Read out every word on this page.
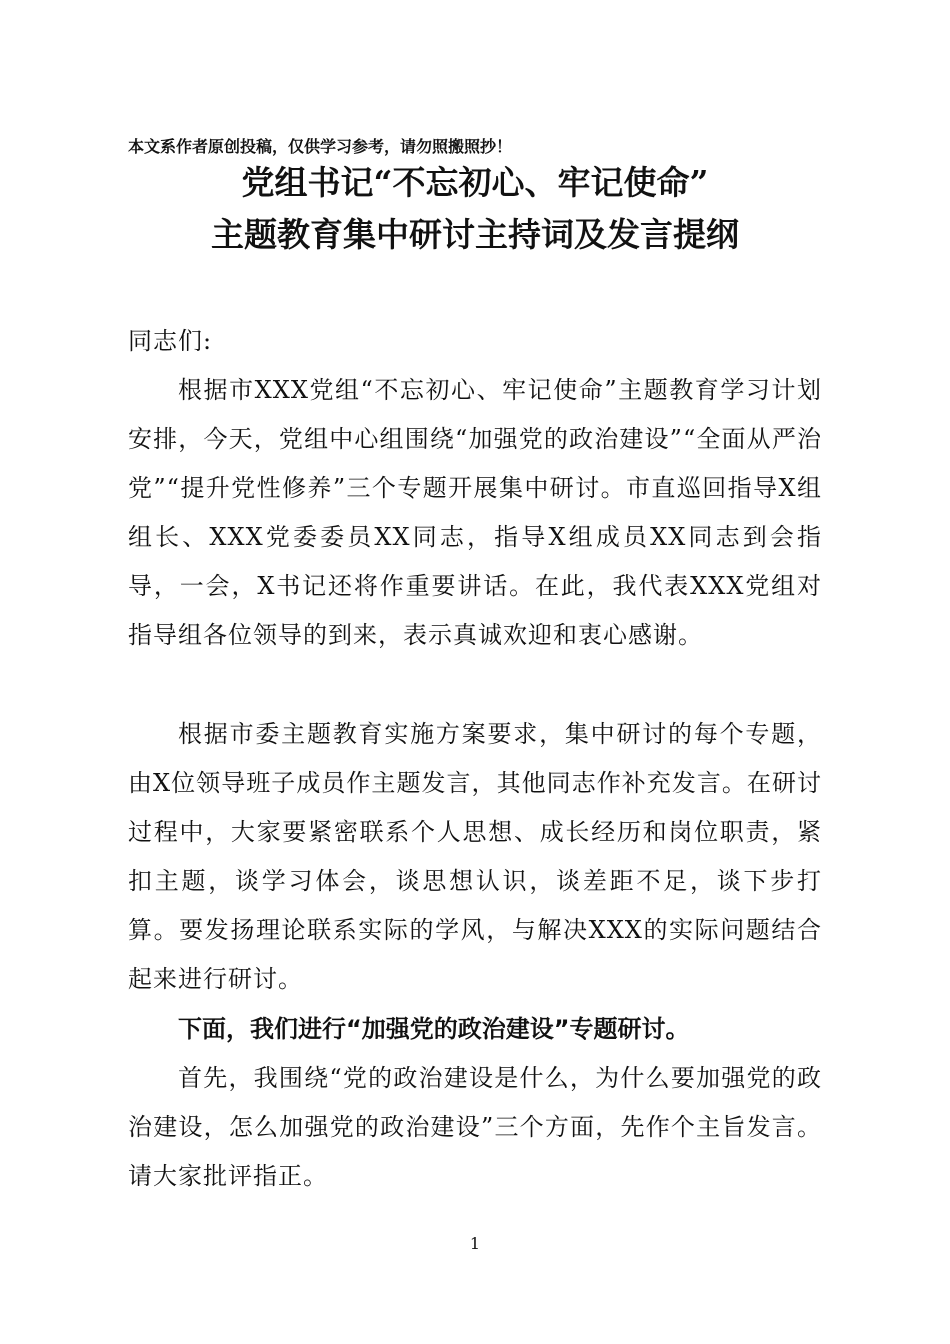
本文系作者原创投稿，仅供学习参考，请勿照搬照抄！
党组书记“不忘初心、牢记使命”
主题教育集中研讨主持词及发言提纲
同志们:
根据市XXX党组“不忘初心、牢记使命”主题教育学习计划安排，今天，党组中心组围绕“加强党的政治建设”“全面从严治党”“提升党性修养”三个专题开展集中研讨。市直巡回指导X组组长、XXX党委委员XX同志，指导X组成员XX同志到会指导，一会，X书记还将作重要讲话。在此，我代表XXX党组对指导组各位领导的到来，表示真诚欢迎和衷心感谢。
根据市委主题教育实施方案要求，集中研讨的每个专题，由X位领导班子成员作主题发言，其他同志作补充发言。在研讨过程中，大家要紧密联系个人思想、成长经历和岗位职责，紧扣主题，谈学习体会，谈思想认识，谈差距不足，谈下步打算。要发扬理论联系实际的学风，与解决XXX的实际问题结合起来进行研讨。
下面，我们进行“加强党的政治建设”专题研讨。
首先，我围绕“党的政治建设是什么，为什么要加强党的政治建设，怎么加强党的政治建设”三个方面，先作个主旨发言。请大家批评指正。
1
